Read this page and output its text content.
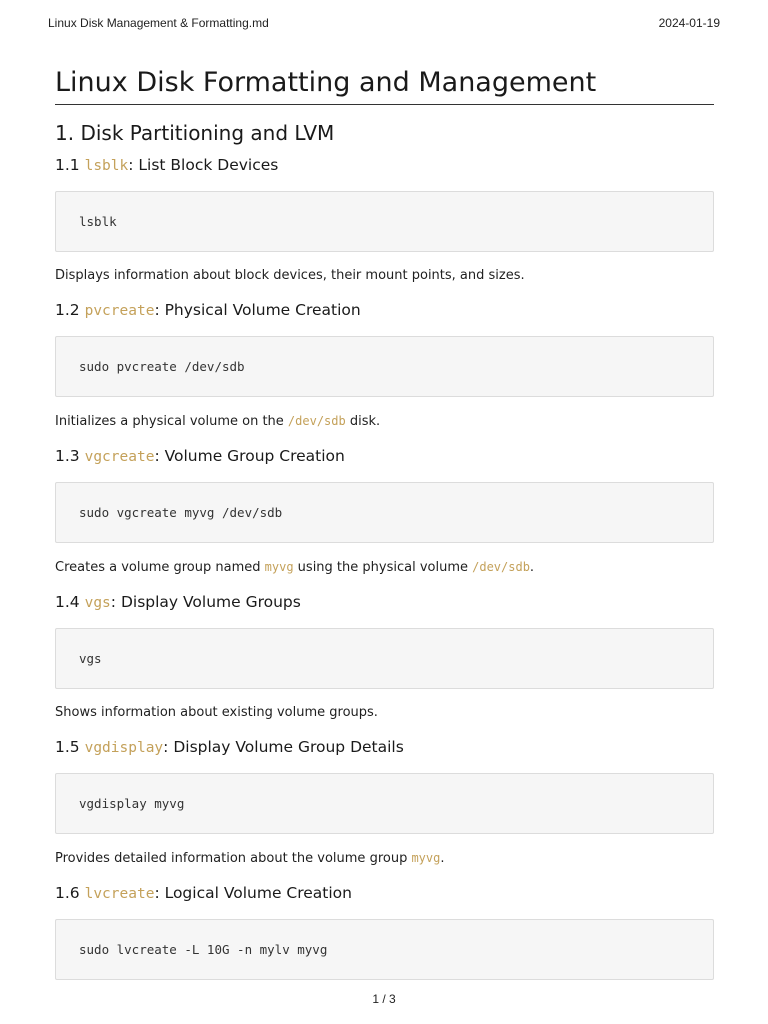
Linux Disk Management & Formatting.md	2024-01-19
Linux Disk Formatting and Management
1. Disk Partitioning and LVM
1.1 lsblk: List Block Devices
lsblk

Displays information about block devices, their mount points, and sizes.

1.2 pvcreate: Physical Volume Creation
sudo pvcreate /dev/sdb

Initializes a physical volume on the /dev/sdb disk.

1.3 vgcreate: Volume Group Creation
sudo vgcreate myvg /dev/sdb

Creates a volume group named myvg using the physical volume /dev/sdb.

1.4 vgs: Display Volume Groups
vgs

Shows information about existing volume groups.

1.5 vgdisplay: Display Volume Group Details
vgdisplay myvg

Provides detailed information about the volume group myvg.

1.6 lvcreate: Logical Volume Creation
sudo lvcreate -L 10G -n mylv myvg
1 / 3
